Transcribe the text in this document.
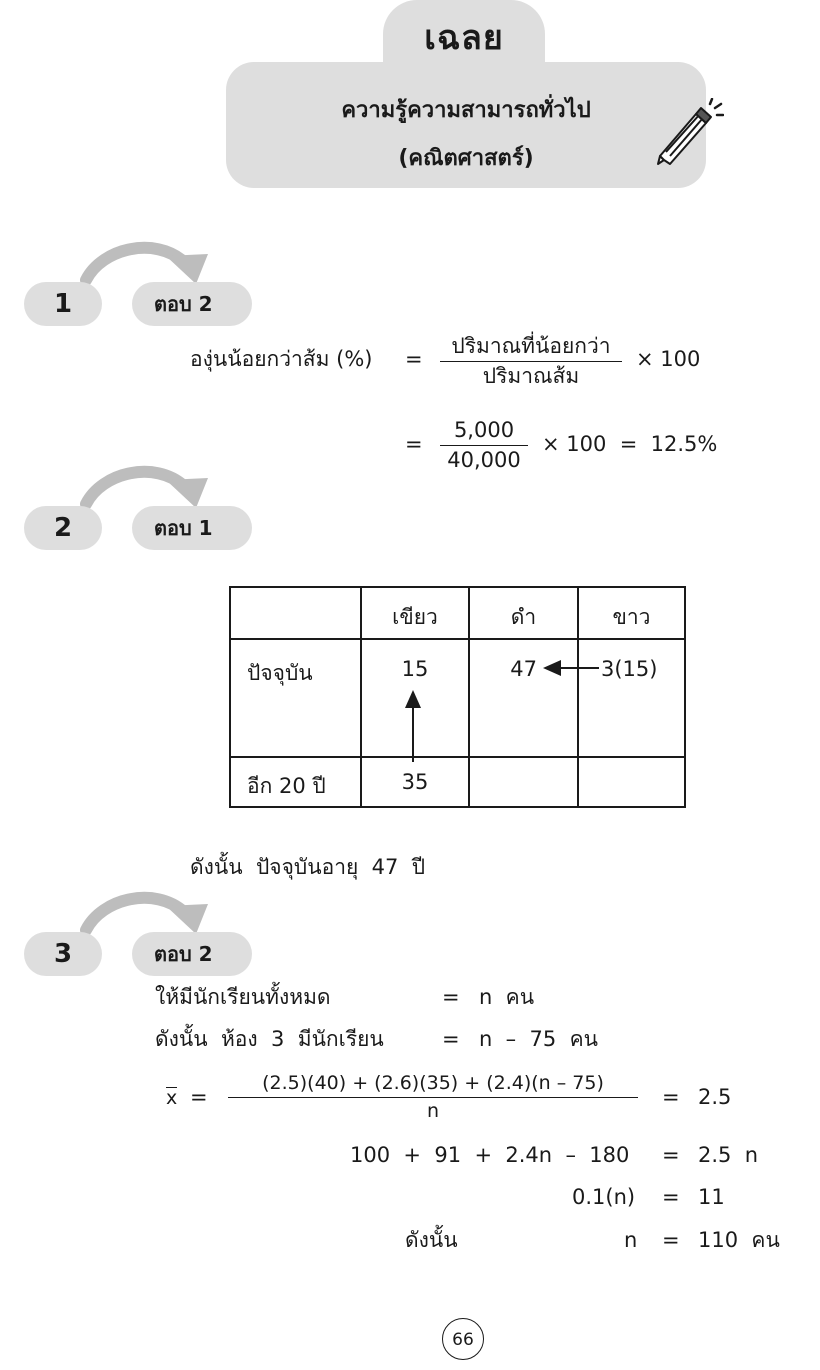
เฉลย
ความรู้ความสามารถทั่วไป
(คณิตศาสตร์)
1	ตอบ 2
องุ่นน้อยกว่าส้ม (%) =
ปริมาณที่น้อยกว่า
ปริมาณส้ม
× 100
= $\frac{5,000}{40,000} \times 100 = 12.5\%$
2	ตอบ 1
	เขียว	ดำ	ขาว
ปัจจุบัน	15	47	3(15)
อีก 20 ปี	35		
ดังนั้น  ปัจจุบันอายุ  47  ปี
3	ตอบ 2
ให้มีนักเรียนทั้งหมด	= n  คน
ดังนั้น  ห้อง  3  มีนักเรียน	= n  –  75  คน
$x = \frac{(2.5)(40) + (2.6)(35) + (2.4)(n - 75)}{n} = 2.5$
100  +  91  +  2.4n  –  180 = 2.5  n
0.1(n) = 11
ดังนั้น	n = 110  คน
66
